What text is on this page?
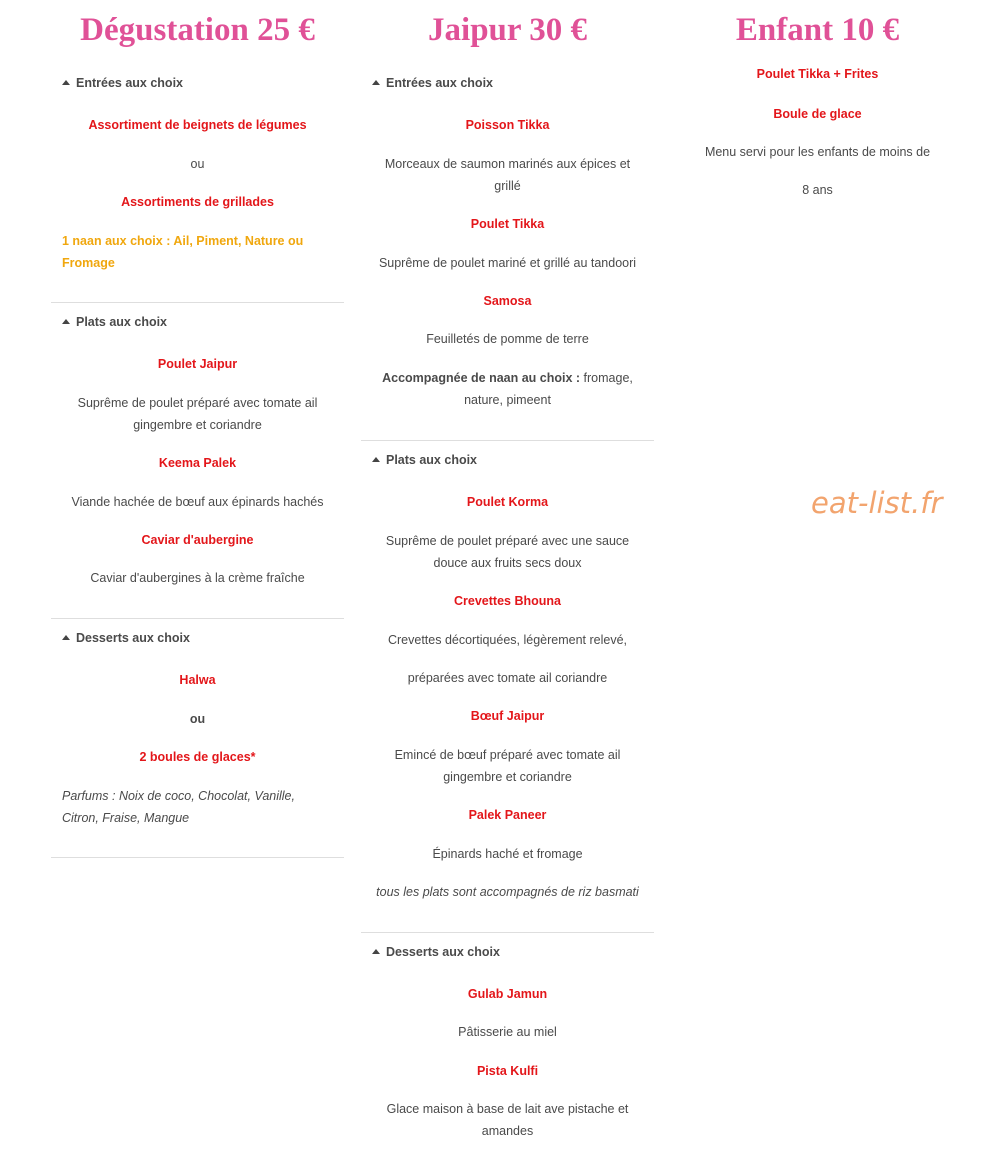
Dégustation 25 €
Entrées aux choix
Assortiment de beignets de légumes
ou
Assortiments de grillades
1 naan aux choix : Ail, Piment, Nature ou
Fromage
Plats aux choix
Poulet Jaipur
Suprême de poulet préparé avec tomate ail
gingembre et coriandre
Keema Palek
Viande hachée de bœuf aux épinards hachés
Caviar d'aubergine
Caviar d'aubergines à la crème fraîche
Desserts aux choix
Halwa
ou
2 boules de glaces*
Parfums : Noix de coco, Chocolat, Vanille,
Citron, Fraise, Mangue
Jaipur 30 €
Entrées aux choix
Poisson Tikka
Morceaux de saumon marinés aux épices et
grillé
Poulet Tikka
Suprême de poulet mariné et grillé au tandoori
Samosa
Feuilletés de pomme de terre
Accompagnée de naan au choix : fromage,
nature, pimeent
Plats aux choix
Poulet Korma
Suprême de poulet préparé avec une sauce
douce aux fruits secs doux
Crevettes Bhouna
Crevettes décortiquées, légèrement relevé,
préparées avec tomate ail coriandre
Bœuf Jaipur
Emincé de bœuf préparé avec tomate ail
gingembre et coriandre
Palek Paneer
Épinards haché et fromage
tous les plats sont accompagnés de riz basmati
Desserts aux choix
Gulab Jamun
Pâtisserie au miel
Pista Kulfi
Glace maison à base de lait ave pistache et
amandes
Enfant 10 €
Poulet Tikka + Frites
Boule de glace
Menu servi pour les enfants de moins de
8 ans
eat-list.fr
